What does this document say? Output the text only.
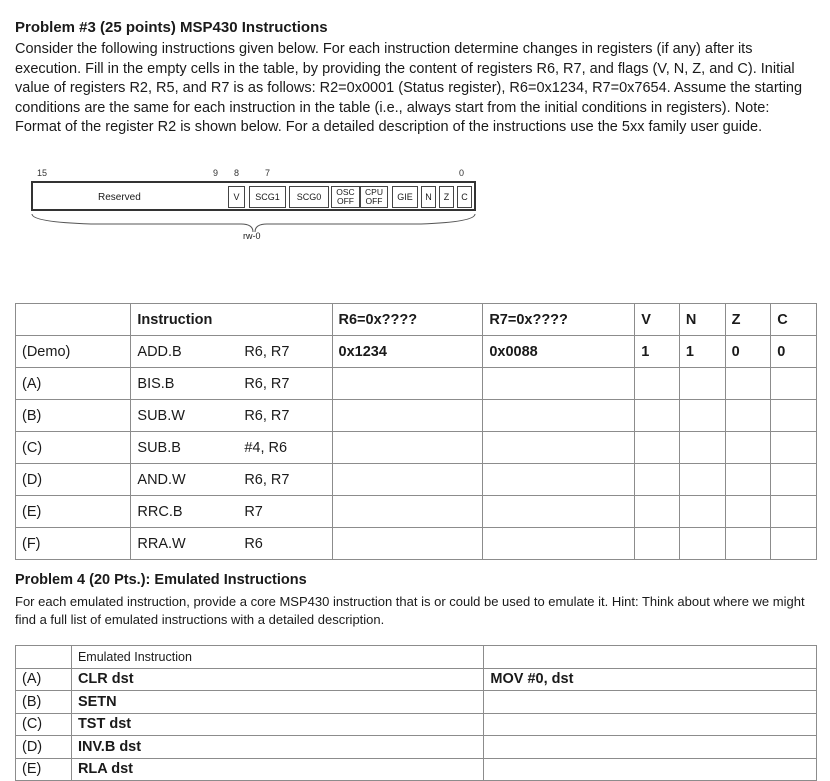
Problem #3 (25 points) MSP430 Instructions
Consider the following instructions given below. For each instruction determine changes in registers (if any) after its execution. Fill in the empty cells in the table, by providing the content of registers R6, R7, and flags (V, N, Z, and C). Initial value of registers R2, R5, and R7 is as follows: R2=0x0001 (Status register), R6=0x1234, R7=0x7654. Assume the starting conditions are the same for each instruction in the table (i.e., always start from the initial conditions in registers). Note: Format of the register R2 is shown below. For a detailed description of the instructions use the 5xx family user guide.
15	9 8	7	0
Reserved	V SCG1 SCG0 OSC
OFF
CPU
OFF GIE N Z C
rw-0
	Instruction		R6=0x????	R7=0x????	V	N	Z	C
(Demo)	ADD.B	R6, R7	0x1234	0x0088	1	1	0	0
(A)	BIS.B	R6, R7						
(B)	SUB.W	R6, R7						
(C)	SUB.B	#4, R6						
(D)	AND.W	R6, R7						
(E)	RRC.B	R7						
(F)	RRA.W	R6						
Problem 4 (20 Pts.): Emulated Instructions
For each emulated instruction, provide a core MSP430 instruction that is or could be used to emulate it. Hint: Think about where we might find a full list of emulated instructions with a detailed description.
	Emulated Instruction	
(A)	CLR dst	MOV #0, dst
(B)	SETN	
(C)	TST dst	
(D)	INV.B dst	
(E)	RLA dst	
